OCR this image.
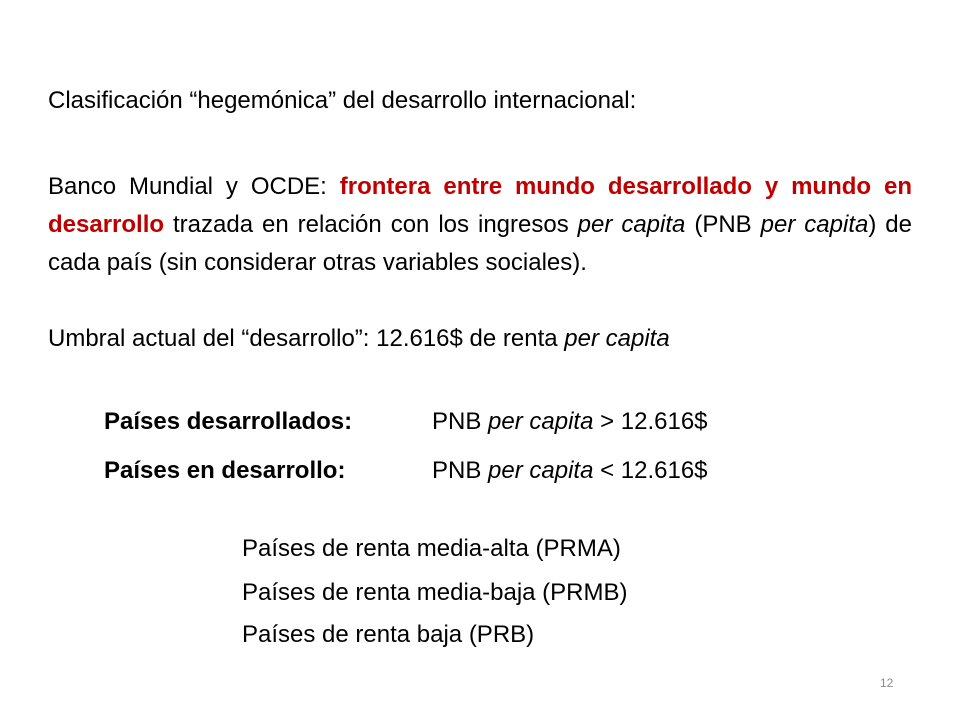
Clasificación “hegemónica” del desarrollo internacional:
Banco Mundial y OCDE: frontera entre mundo desarrollado y mundo en desarrollo trazada en relación con los ingresos per capita (PNB per capita) de cada país (sin considerar otras variables sociales).
Umbral actual del “desarrollo”: 12.616$ de renta per capita
Países desarrollados:	PNB per capita > 12.616$
Países en desarrollo:	PNB per capita < 12.616$
Países de renta media-alta (PRMA)
Países de renta media-baja (PRMB)
Países de renta baja (PRB)
12
